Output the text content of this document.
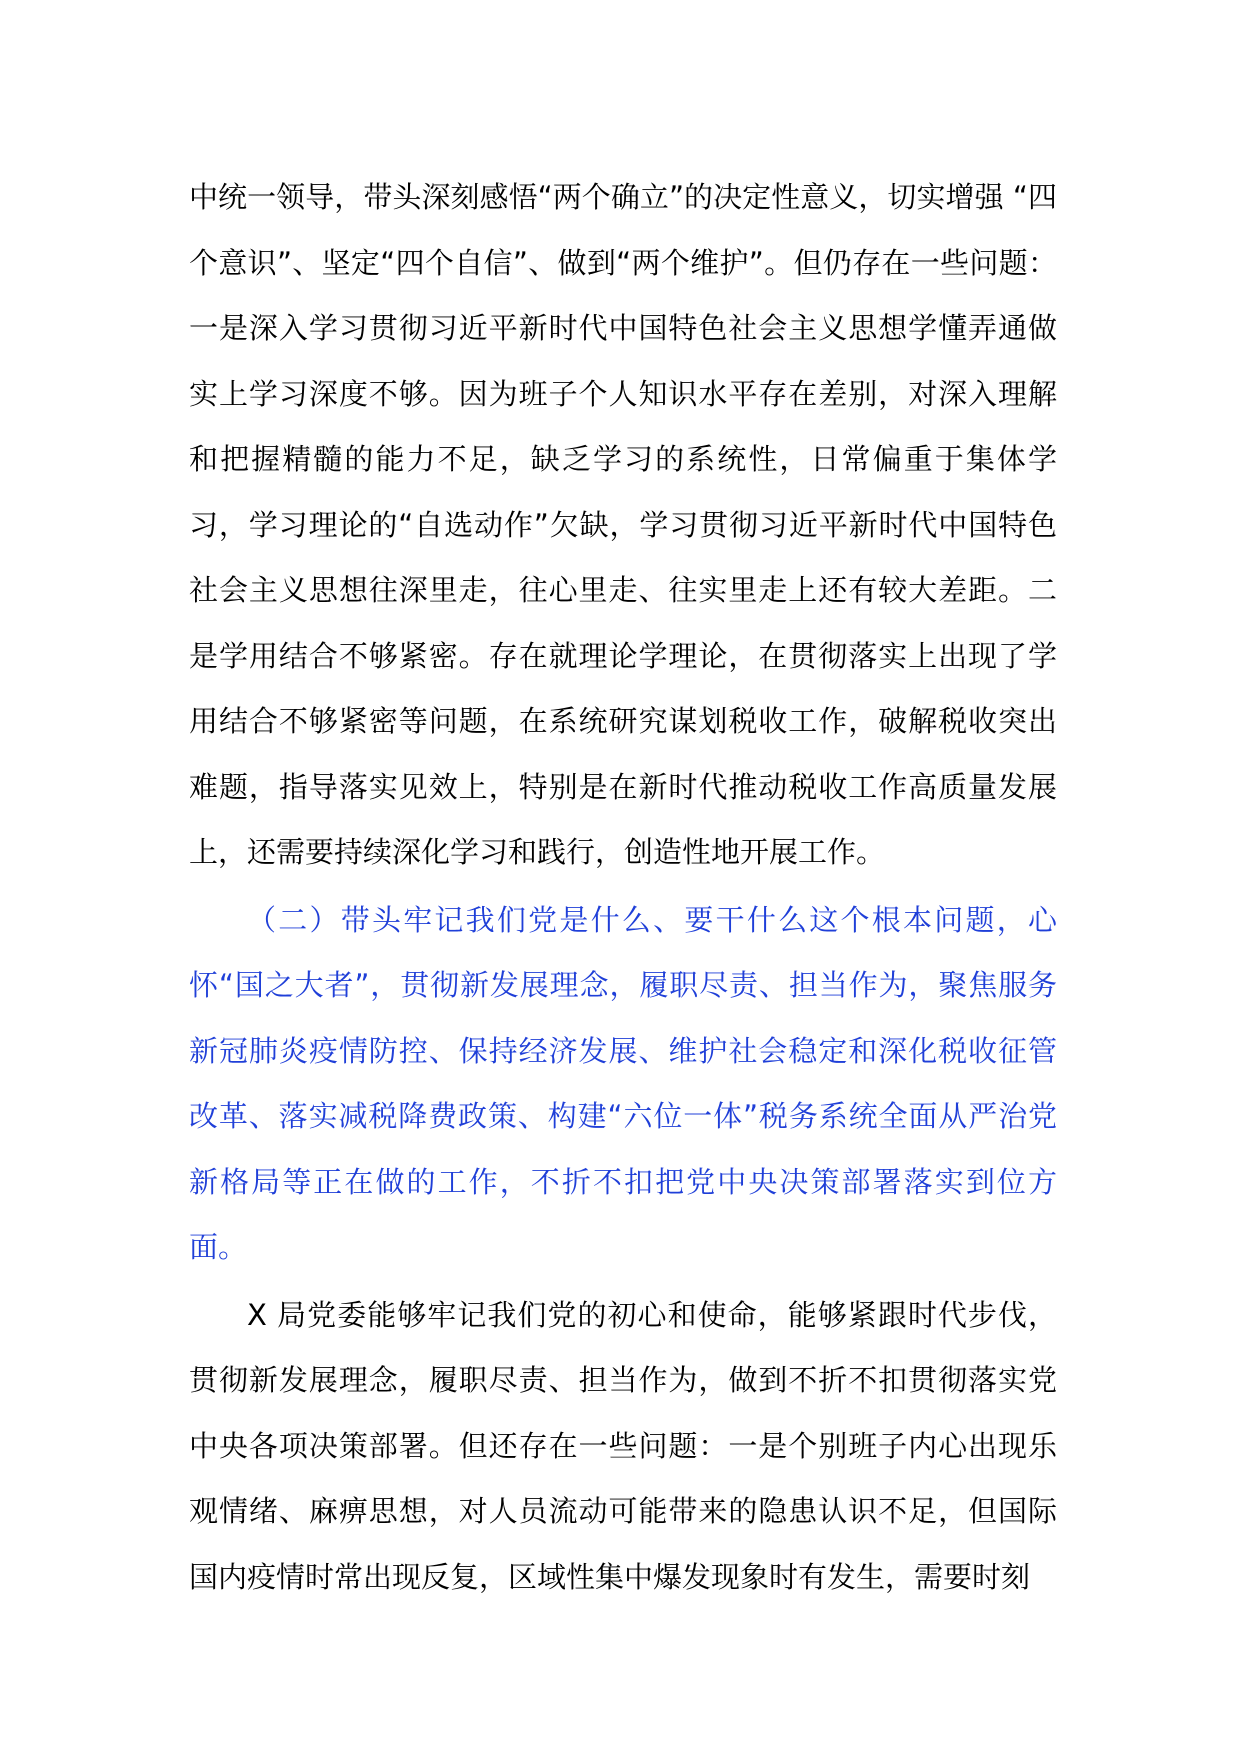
中统一领导，带头深刻感悟“两个确立”的决定性意义，切实增强 “四个意识”、坚定“四个自信”、做到“两个维护”。但仍存在一些问题：一是深入学习贯彻习近平新时代中国特色社会主义思想学懂弄通做实上学习深度不够。因为班子个人知识水平存在差别，对深入理解和把握精髓的能力不足，缺乏学习的系统性，日常偏重于集体学习，学习理论的“自选动作”欠缺，学习贯彻习近平新时代中国特色社会主义思想往深里走，往心里走、往实里走上还有较大差距。二是学用结合不够紧密。存在就理论学理论，在贯彻落实上出现了学用结合不够紧密等问题，在系统研究谋划税收工作，破解税收突出难题，指导落实见效上，特别是在新时代推动税收工作高质量发展上，还需要持续深化学习和践行，创造性地开展工作。

（二）带头牢记我们党是什么、要干什么这个根本问题，心怀“国之大者”，贯彻新发展理念，履职尽责、担当作为，聚焦服务新冠肺炎疫情防控、保持经济发展、维护社会稳定和深化税收征管改革、落实减税降费政策、构建“六位一体”税务系统全面从严治党新格局等正在做的工作，不折不扣把党中央决策部署落实到位方面。

X 局党委能够牢记我们党的初心和使命，能够紧跟时代步伐，贯彻新发展理念，履职尽责、担当作为，做到不折不扣贯彻落实党中央各项决策部署。但还存在一些问题：一是个别班子内心出现乐观情绪、麻痹思想，对人员流动可能带来的隐患认识不足，但国际国内疫情时常出现反复，区域性集中爆发现象时有发生，需要时刻
